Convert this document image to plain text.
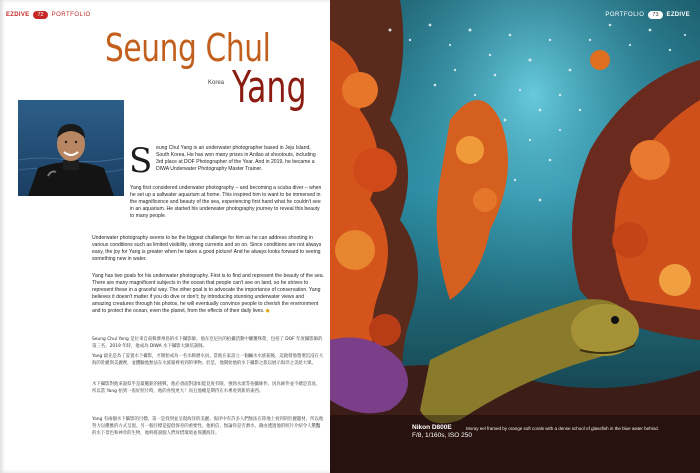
EZDIVE	72	PORTFOLIO
Seung Chul
Korea Yang
S eung Chul Yang is an underwater photographer based in Jeju Island, South Korea. He has won many prizes in Anilao at shootouts, including 3rd place at DOF Photographer of the Year. And in 2019, he became a DIWA Underwater Photography Master Trainer.

Yang first considered underwater photography – and becoming a scuba diver – when he set up a saltwater aquarium at home. This inspired him to want to be immersed in the magnificence and beauty of the sea, experiencing first hand what he couldn't see in an aquarium. He started his underwater photography journey to reveal this beauty to many people.

Underwater photography seems to be the biggest challenge for him as he can address shooting in various conditions such as limited visibility, strong currents and so on. Since conditions are not always easy, the joy for Yang is greater when he takes a good picture! And he always looks forward to seeing something new in water.

Yang has two goals for his underwater photography. First is to find and represent the beauty of the sea. There are many magnificent subjects in the ocean that people can't see on land, so he strives to represent these in a graceful way. The other goal is to advocate the importance of conservation. Yang believes it doesn't matter if you do dive or don't; by introducing stunning underwater views and amazing creatures through his photos, he will eventually convince people to cherish the environment and to protect the ocean, even the planet, from the effects of their daily lives. ◆

Seung Chul Yang 是位來自南韓濟州島的水下攝影師。他在亞尼拉的拍攝活動中屢獲殊榮，包括了 DOF 年度攝影師的第三名。2019 年時，他成為 DIWA 水下攝影大師培訓師。

Yang 最先是為了設置水下攝影，才開始成為一名水肺潛水員。當他在家設立一個鹹水水族箱後，這啟發他想要沉浸在大海的壯麗與美麗裡，並體驗他無法在水族箱裡看到的事物。於是，他開始他的水下攝影之旅以展示海洋之美給大眾。

水下攝影對他來說似乎是最艱鉅的挑戰，他必須面對諸如能見度有限、強勁水流等拍攝條件。因為條件並不總是容易，所以當 Yang 拍到一張好照片時，他的喜悅更大！而且他總是期待在水裡看到新的東西。

Yang 有兩個水下攝影的目標。第一是找到並呈現海洋的美麗。海洋中有許多人們無法在陸地上看到的壯麗題材，所以他努力以優雅的方式呈現。另一個目標是提倡保育的重要性。他相信，無論你是否潛水，藉由透過他的照片介紹令人驚豔的水下景色和神奇的生物，他終將說服人們珍惜環境並保護海洋。

PORTFOLIO	73	EZDIVE
Nikon D800E
F/8, 1/160s, ISO 250
Moray eel framed by orange soft corals with a dense school of glassfish in the blue water behind.
